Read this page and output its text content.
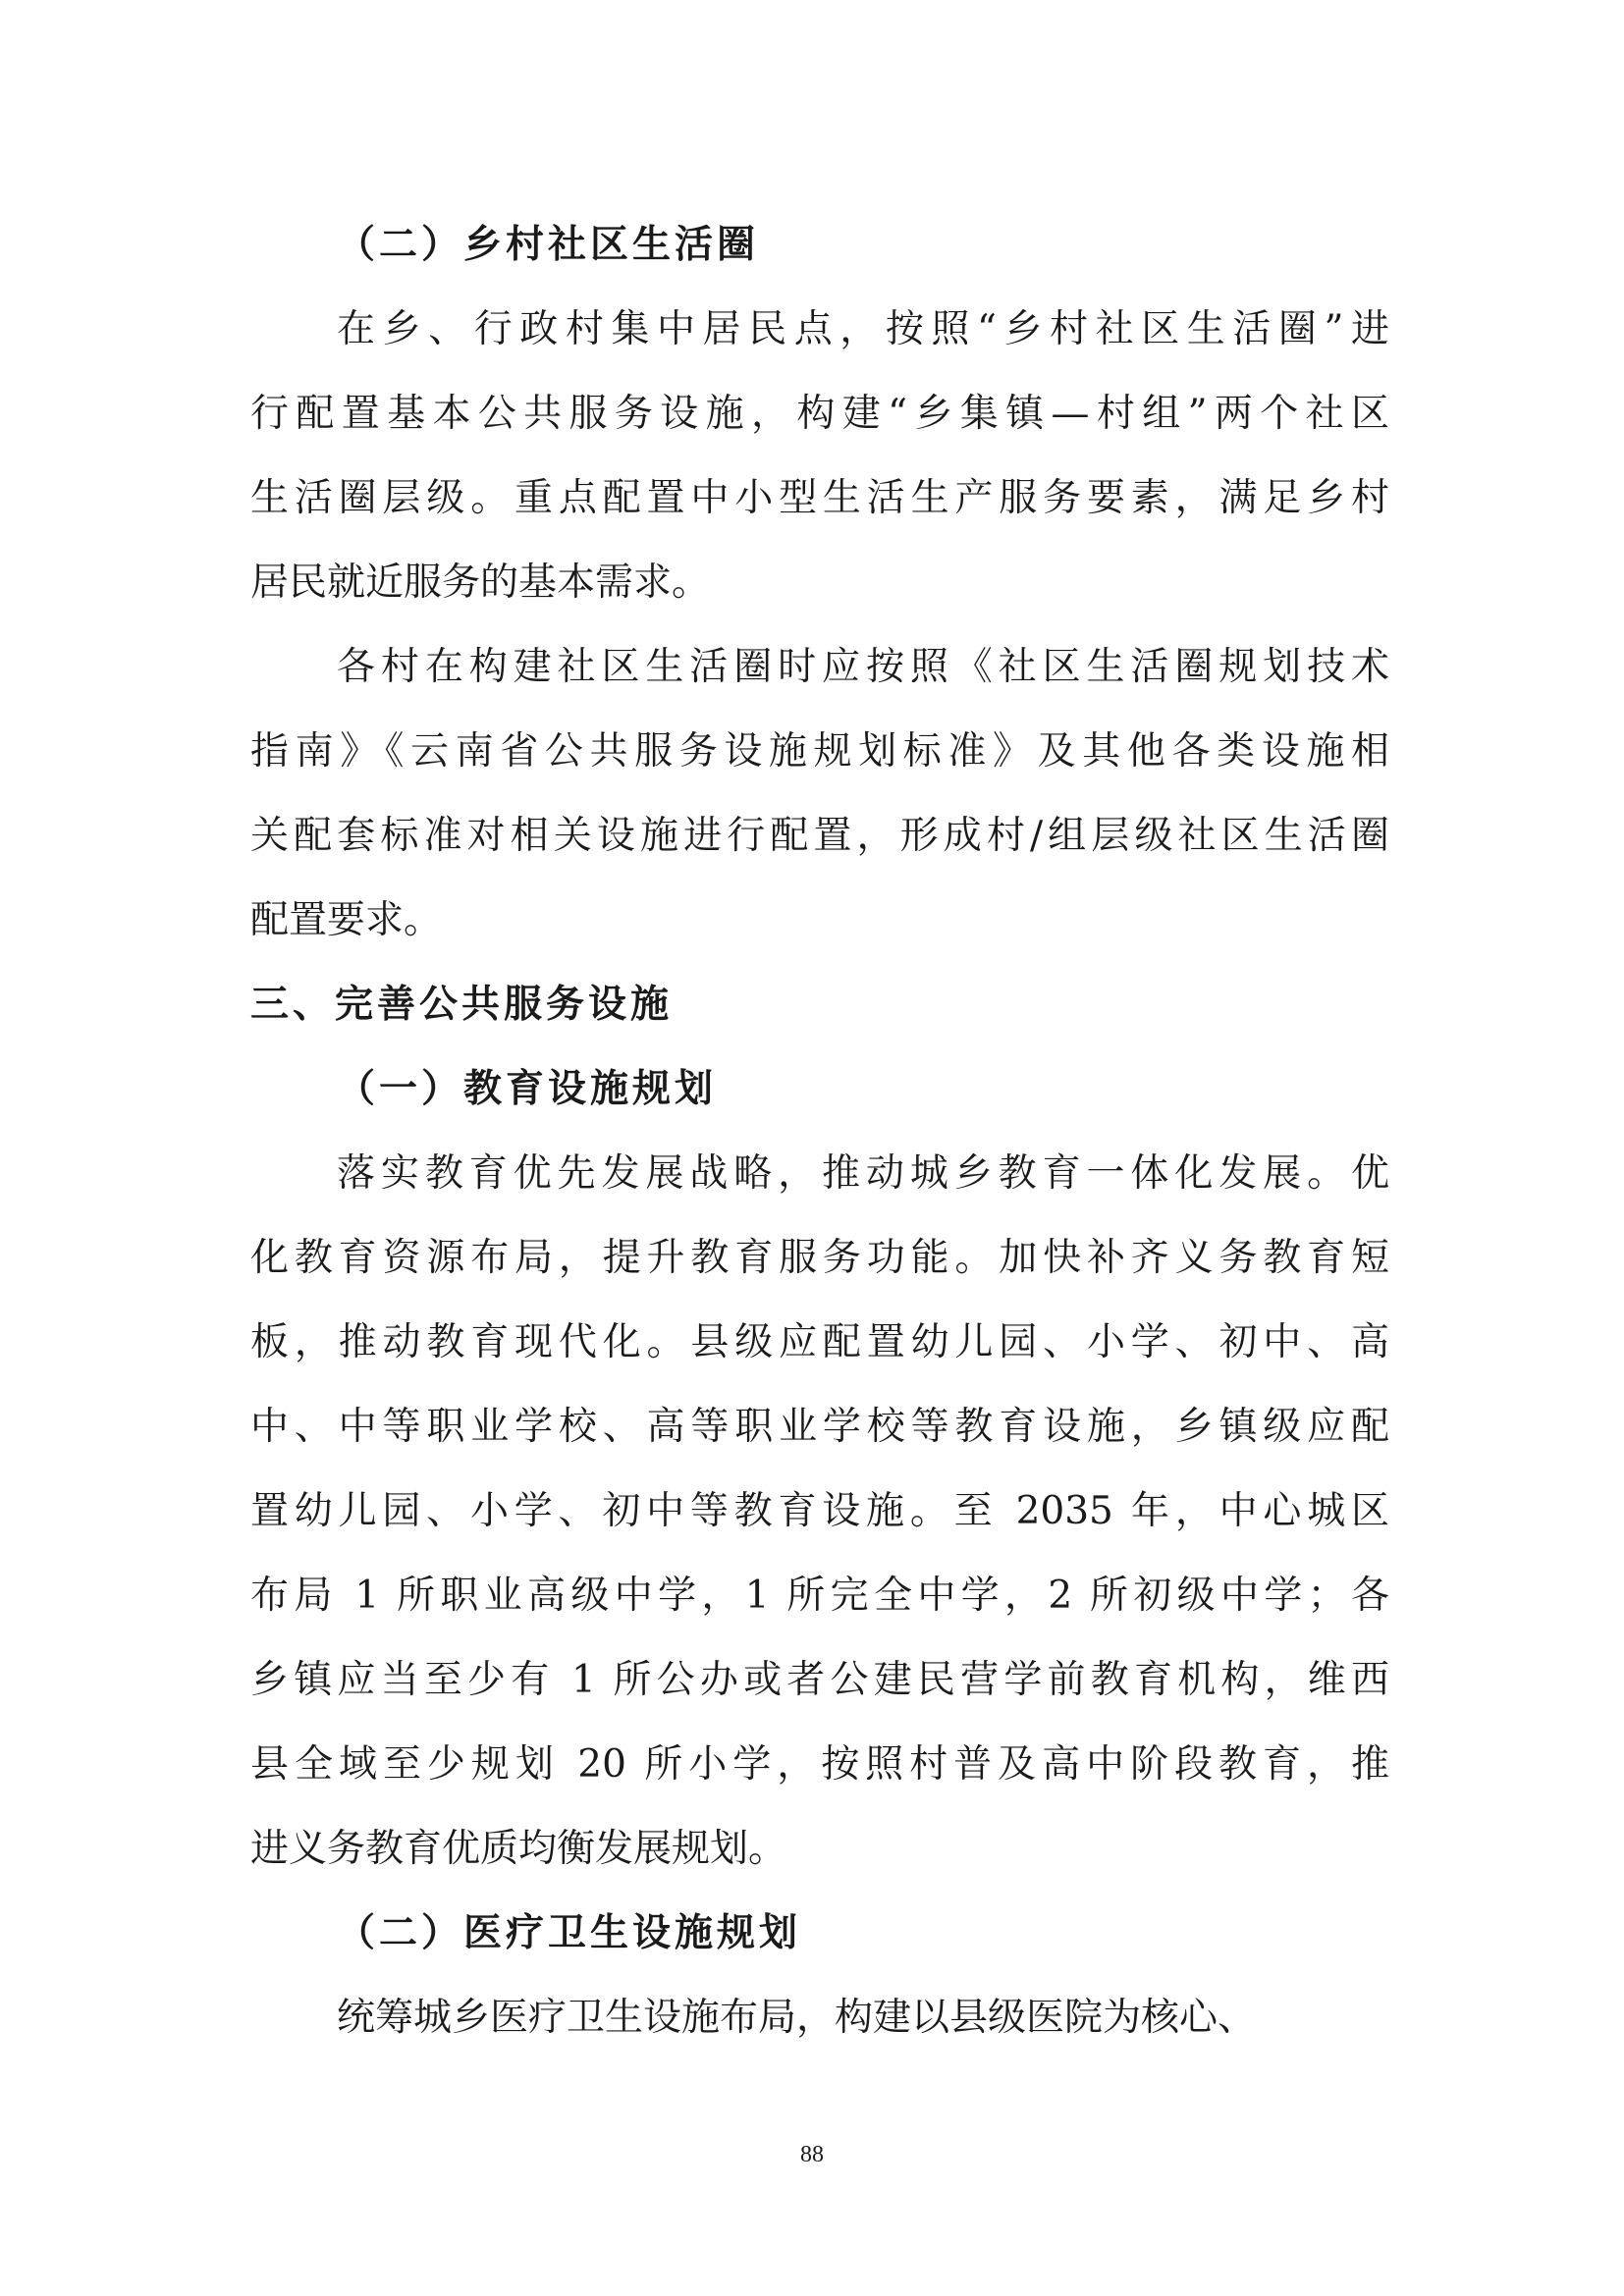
（二）乡村社区生活圈
在乡、行政村集中居民点，按照“乡村社区生活圈”进
行配置基本公共服务设施，构建“乡集镇—村组”两个社区
生活圈层级。重点配置中小型生活生产服务要素，满足乡村
居民就近服务的基本需求。
各村在构建社区生活圈时应按照《社区生活圈规划技术
指南》《云南省公共服务设施规划标准》及其他各类设施相
关配套标准对相关设施进行配置，形成村/组层级社区生活圈
配置要求。
三、完善公共服务设施
（一）教育设施规划
落实教育优先发展战略，推动城乡教育一体化发展。优
化教育资源布局，提升教育服务功能。加快补齐义务教育短
板，推动教育现代化。县级应配置幼儿园、小学、初中、高
中、中等职业学校、高等职业学校等教育设施，乡镇级应配
置幼儿园、小学、初中等教育设施。至 2035 年，中心城区
布局 1 所职业高级中学，1 所完全中学，2 所初级中学；各
乡镇应当至少有 1 所公办或者公建民营学前教育机构，维西
县全域至少规划 20 所小学，按照村普及高中阶段教育，推
进义务教育优质均衡发展规划。
（二）医疗卫生设施规划
统筹城乡医疗卫生设施布局，构建以县级医院为核心、
88
